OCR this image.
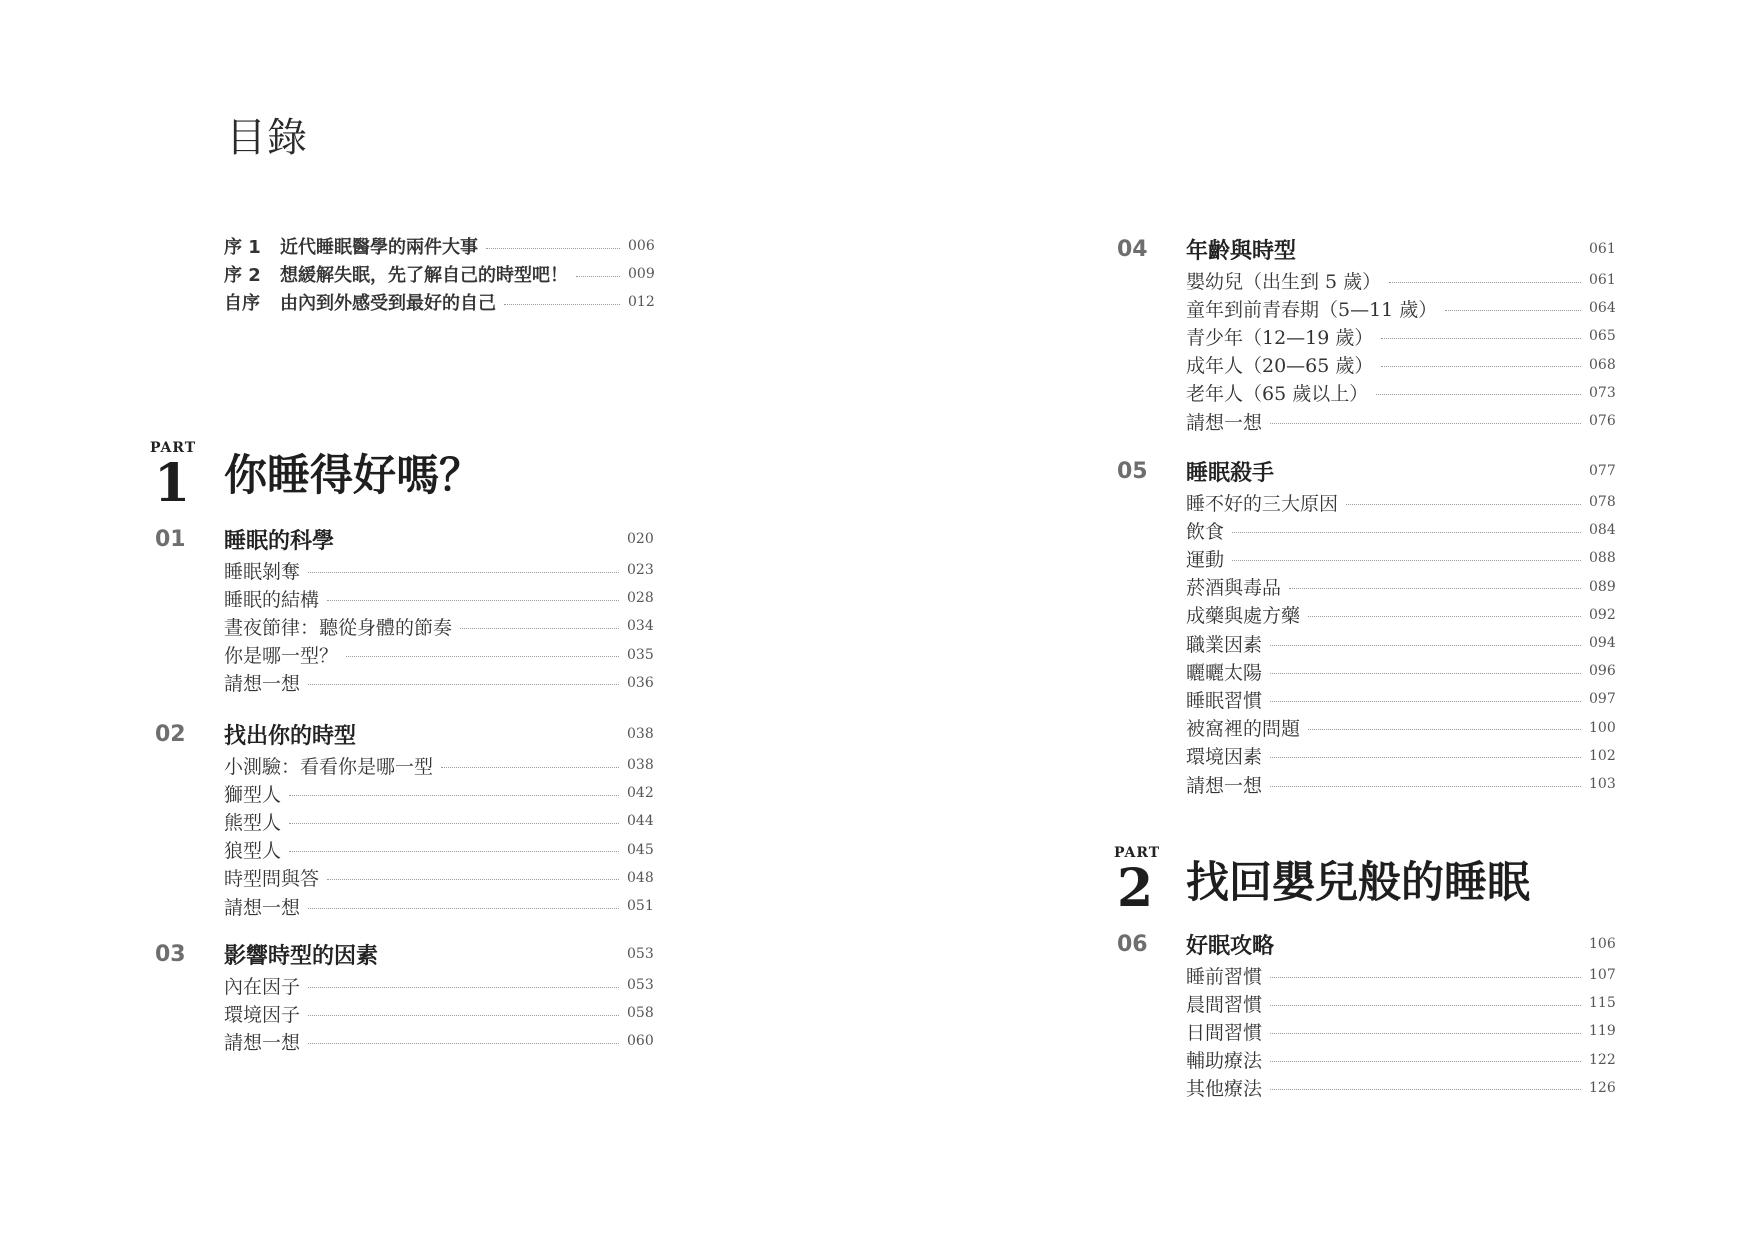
目錄
序 1	近代睡眠醫學的兩件大事	006
序 2	想緩解失眠，先了解自己的時型吧！	009
自序	由內到外感受到最好的自己	012
PART
1 你睡得好嗎？
PART
2 找回嬰兒般的睡眠
01 睡眠的科學	020
睡眠剝奪	023
睡眠的結構	028
晝夜節律：聽從身體的節奏	034
你是哪一型？	035
請想一想	036
02 找出你的時型	038
小測驗：看看你是哪一型	038
獅型人	042
熊型人	044
狼型人	045
時型問與答	048
請想一想	051
03 影響時型的因素	053
內在因子	053
環境因子	058
請想一想	060
04 年齡與時型	061
嬰幼兒（出生到 5 歲）	061
童年到前青春期（5—11 歲）	064
青少年（12—19 歲）	065
成年人（20—65 歲）	068
老年人（65 歲以上）	073
請想一想	076
05 睡眠殺手	077
睡不好的三大原因	078
飲食	084
運動	088
菸酒與毒品	089
成藥與處方藥	092
職業因素	094
曬曬太陽	096
睡眠習慣	097
被窩裡的問題	100
環境因素	102
請想一想	103
06 好眠攻略	106
睡前習慣	107
晨間習慣	115
日間習慣	119
輔助療法	122
其他療法	126
